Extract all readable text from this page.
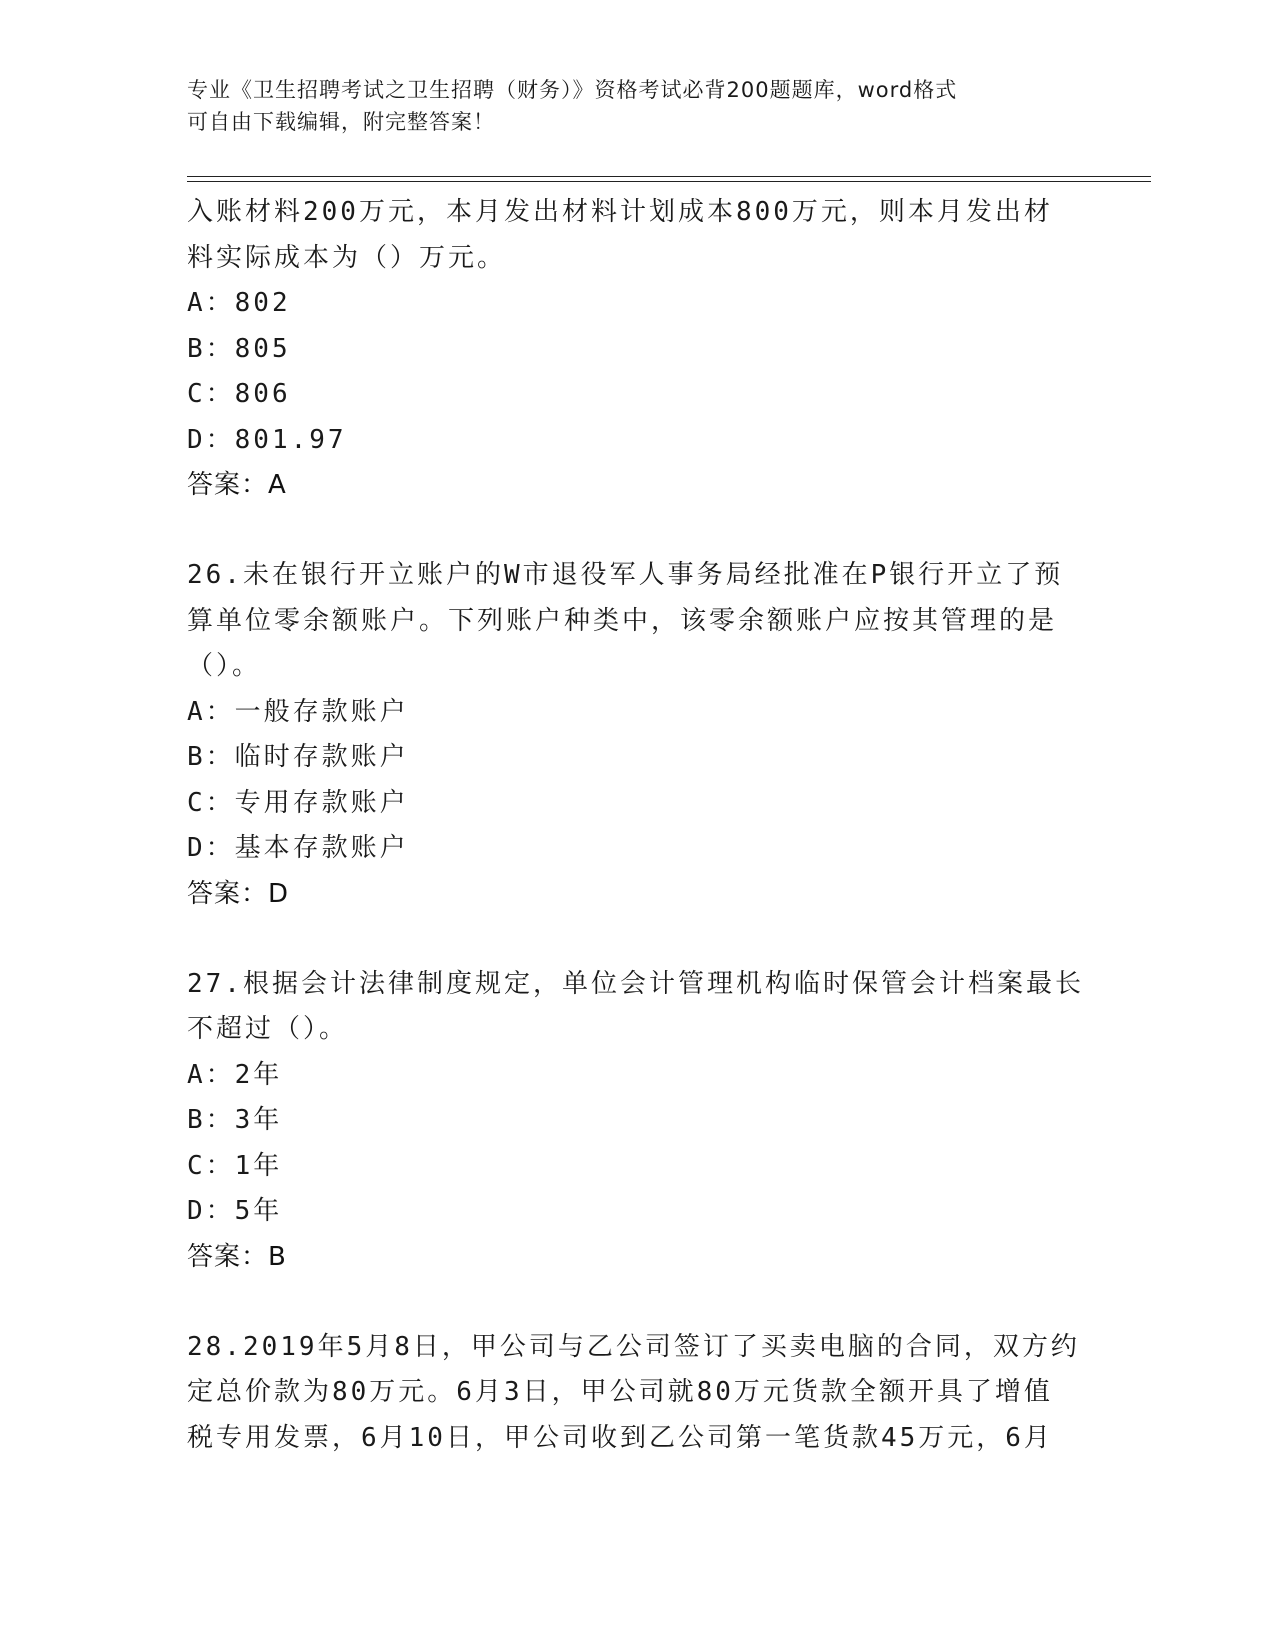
专业《卫生招聘考试之卫生招聘（财务）》资格考试必背200题题库，word格式
可自由下载编辑，附完整答案！
入账材料200万元，本月发出材料计划成本800万元，则本月发出材
料实际成本为（）万元。
A：802
B：805
C：806
D：801.97
答案：A
26.未在银行开立账户的W市退役军人事务局经批准在P银行开立了预
算单位零余额账户。下列账户种类中，该零余额账户应按其管理的是
（）。
A：一般存款账户
B：临时存款账户
C：专用存款账户
D：基本存款账户
答案：D
27.根据会计法律制度规定，单位会计管理机构临时保管会计档案最长
不超过（）。
A：2年
B：3年
C：1年
D：5年
答案：B
28.2019年5月8日，甲公司与乙公司签订了买卖电脑的合同，双方约
定总价款为80万元。6月3日，甲公司就80万元货款全额开具了增值
税专用发票，6月10日，甲公司收到乙公司第一笔货款45万元，6月
